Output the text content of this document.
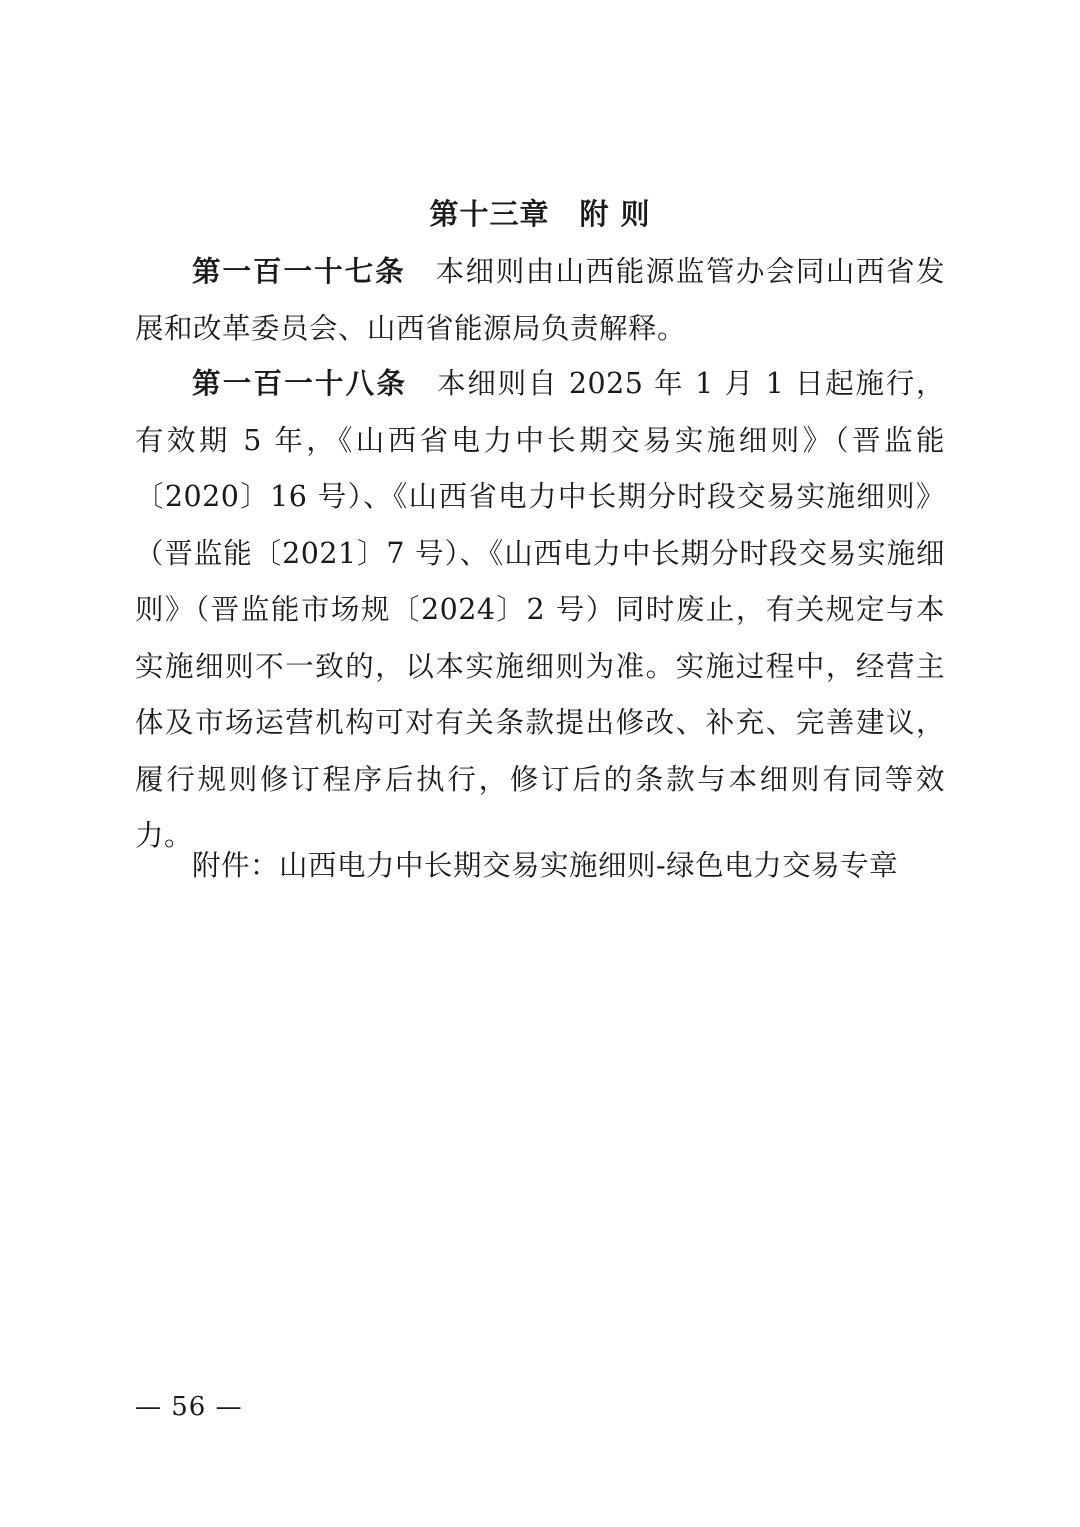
第十三章 附 则

第一百一十七条 本细则由山西能源监管办会同山西省发展和改革委员会、山西省能源局负责解释。

第一百一十八条 本细则自 2025 年 1 月 1 日起施行，有效期 5 年，《山西省电力中长期交易实施细则》（晋监能〔2020〕16 号）、《山西省电力中长期分时段交易实施细则》（晋监能〔2021〕7 号）、《山西电力中长期分时段交易实施细则》（晋监能市场规〔2024〕2 号）同时废止，有关规定与本实施细则不一致的，以本实施细则为准。实施过程中，经营主体及市场运营机构可对有关条款提出修改、补充、完善建议，履行规则修订程序后执行，修订后的条款与本细则有同等效力。

附件：山西电力中长期交易实施细则-绿色电力交易专章

— 56 —
